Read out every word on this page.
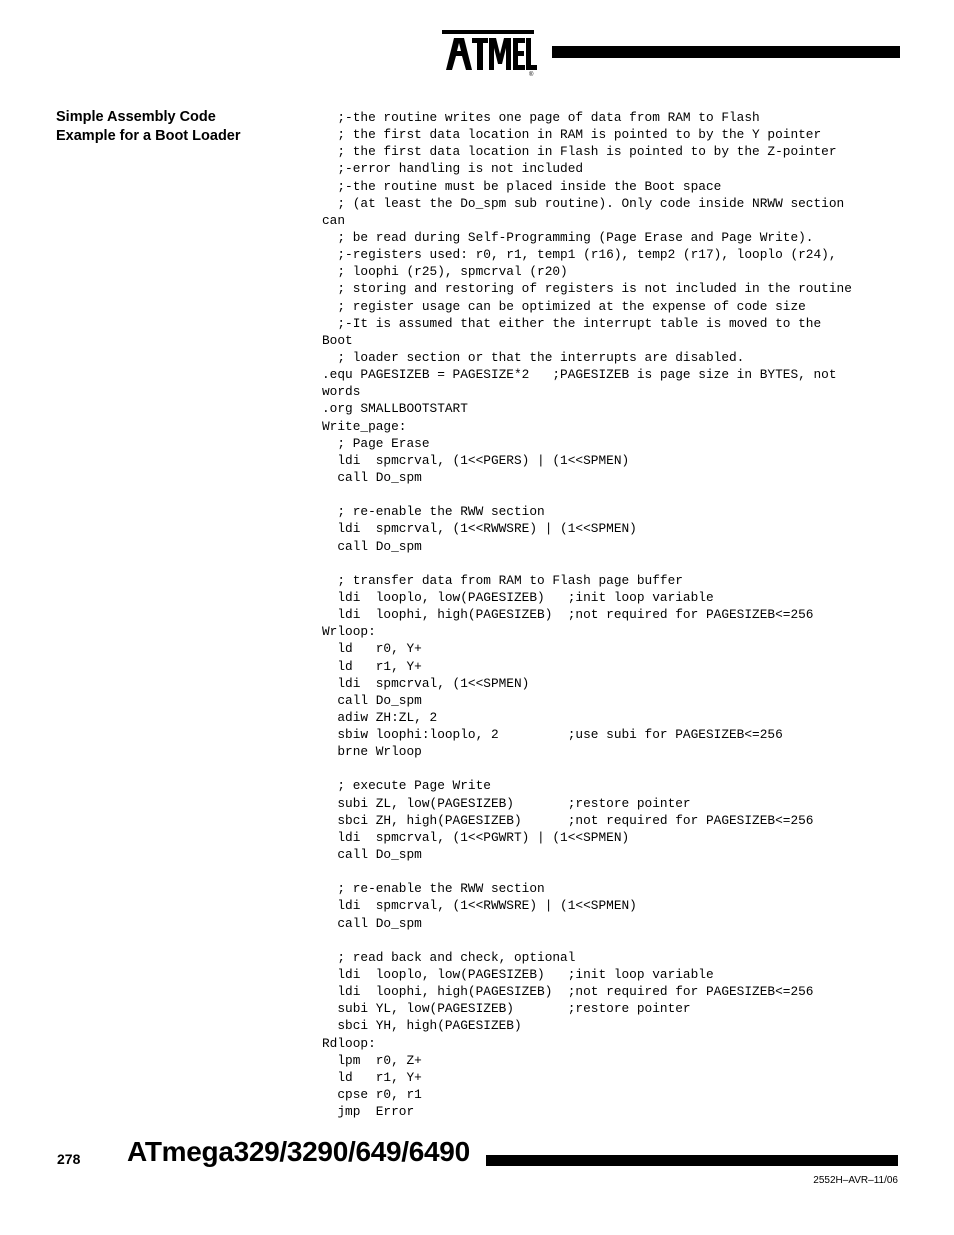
®
Simple Assembly Code
Example for a Boot Loader
;-the routine writes one page of data from RAM to Flash
; the first data location in RAM is pointed to by the Y pointer
; the first data location in Flash is pointed to by the Z-pointer
;-error handling is not included
;-the routine must be placed inside the Boot space
; (at least the Do_spm sub routine). Only code inside NRWW section
can
; be read during Self-Programming (Page Erase and Page Write).
;-registers used: r0, r1, temp1 (r16), temp2 (r17), looplo (r24),
; loophi (r25), spmcrval (r20)
; storing and restoring of registers is not included in the routine
; register usage can be optimized at the expense of code size
;-It is assumed that either the interrupt table is moved to the
Boot
; loader section or that the interrupts are disabled.
.equ PAGESIZEB = PAGESIZE*2   ;PAGESIZEB is page size in BYTES, not
words
.org SMALLBOOTSTART
Write_page:
; Page Erase
ldi  spmcrval, (1<<PGERS) | (1<<SPMEN)
call Do_spm
; re-enable the RWW section
ldi  spmcrval, (1<<RWWSRE) | (1<<SPMEN)
call Do_spm
; transfer data from RAM to Flash page buffer
ldi  looplo, low(PAGESIZEB)   ;init loop variable
ldi  loophi, high(PAGESIZEB)  ;not required for PAGESIZEB<=256
Wrloop:
ld   r0, Y+
ld   r1, Y+
ldi  spmcrval, (1<<SPMEN)
call Do_spm
adiw ZH:ZL, 2
sbiw loophi:looplo, 2         ;use subi for PAGESIZEB<=256
brne Wrloop
; execute Page Write
subi ZL, low(PAGESIZEB)       ;restore pointer
sbci ZH, high(PAGESIZEB)      ;not required for PAGESIZEB<=256
ldi  spmcrval, (1<<PGWRT) | (1<<SPMEN)
call Do_spm
; re-enable the RWW section
ldi  spmcrval, (1<<RWWSRE) | (1<<SPMEN)
call Do_spm
; read back and check, optional
ldi  looplo, low(PAGESIZEB)   ;init loop variable
ldi  loophi, high(PAGESIZEB)  ;not required for PAGESIZEB<=256
subi YL, low(PAGESIZEB)       ;restore pointer
sbci YH, high(PAGESIZEB)
Rdloop:
lpm  r0, Z+
ld   r1, Y+
cpse r0, r1
jmp  Error
278 ATmega329/3290/649/6490
2552H–AVR–11/06
